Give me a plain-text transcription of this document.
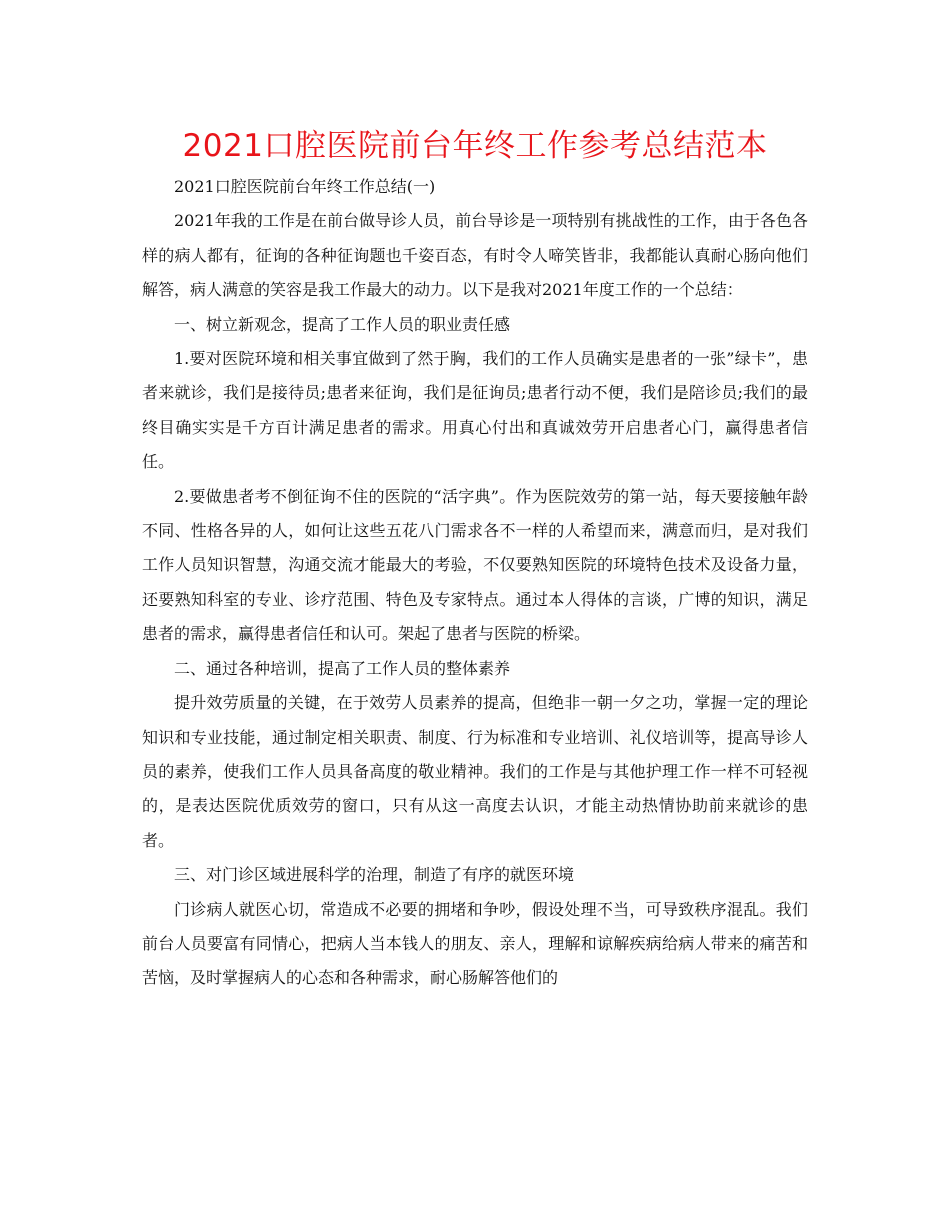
2021口腔医院前台年终工作参考总结范本

2021口腔医院前台年终工作总结(一)

2021年我的工作是在前台做导诊人员，前台导诊是一项特别有挑战性的工作，由于各色各样的病人都有，征询的各种征询题也千姿百态，有时令人啼笑皆非，我都能认真耐心肠向他们解答，病人满意的笑容是我工作最大的动力。以下是我对2021年度工作的一个总结：

一、树立新观念，提高了工作人员的职业责任感

1.要对医院环境和相关事宜做到了然于胸，我们的工作人员确实是患者的一张”绿卡”，患者来就诊，我们是接待员;患者来征询，我们是征询员;患者行动不便，我们是陪诊员;我们的最终目确实实是千方百计满足患者的需求。用真心付出和真诚效劳开启患者心门，赢得患者信任。

2.要做患者考不倒征询不住的医院的“活字典”。作为医院效劳的第一站，每天要接触年龄不同、性格各异的人，如何让这些五花八门需求各不一样的人希望而来，满意而归，是对我们工作人员知识智慧，沟通交流才能最大的考验，不仅要熟知医院的环境特色技术及设备力量，还要熟知科室的专业、诊疗范围、特色及专家特点。通过本人得体的言谈，广博的知识，满足患者的需求，赢得患者信任和认可。架起了患者与医院的桥梁。

二、通过各种培训，提高了工作人员的整体素养

提升效劳质量的关键，在于效劳人员素养的提高，但绝非一朝一夕之功，掌握一定的理论知识和专业技能，通过制定相关职责、制度、行为标准和专业培训、礼仪培训等，提高导诊人员的素养，使我们工作人员具备高度的敬业精神。我们的工作是与其他护理工作一样不可轻视的，是表达医院优质效劳的窗口，只有从这一高度去认识，才能主动热情协助前来就诊的患者。

三、对门诊区域进展科学的治理，制造了有序的就医环境

门诊病人就医心切，常造成不必要的拥堵和争吵，假设处理不当，可导致秩序混乱。我们前台人员要富有同情心，把病人当本钱人的朋友、亲人，理解和谅解疾病给病人带来的痛苦和苦恼，及时掌握病人的心态和各种需求，耐心肠解答他们的
